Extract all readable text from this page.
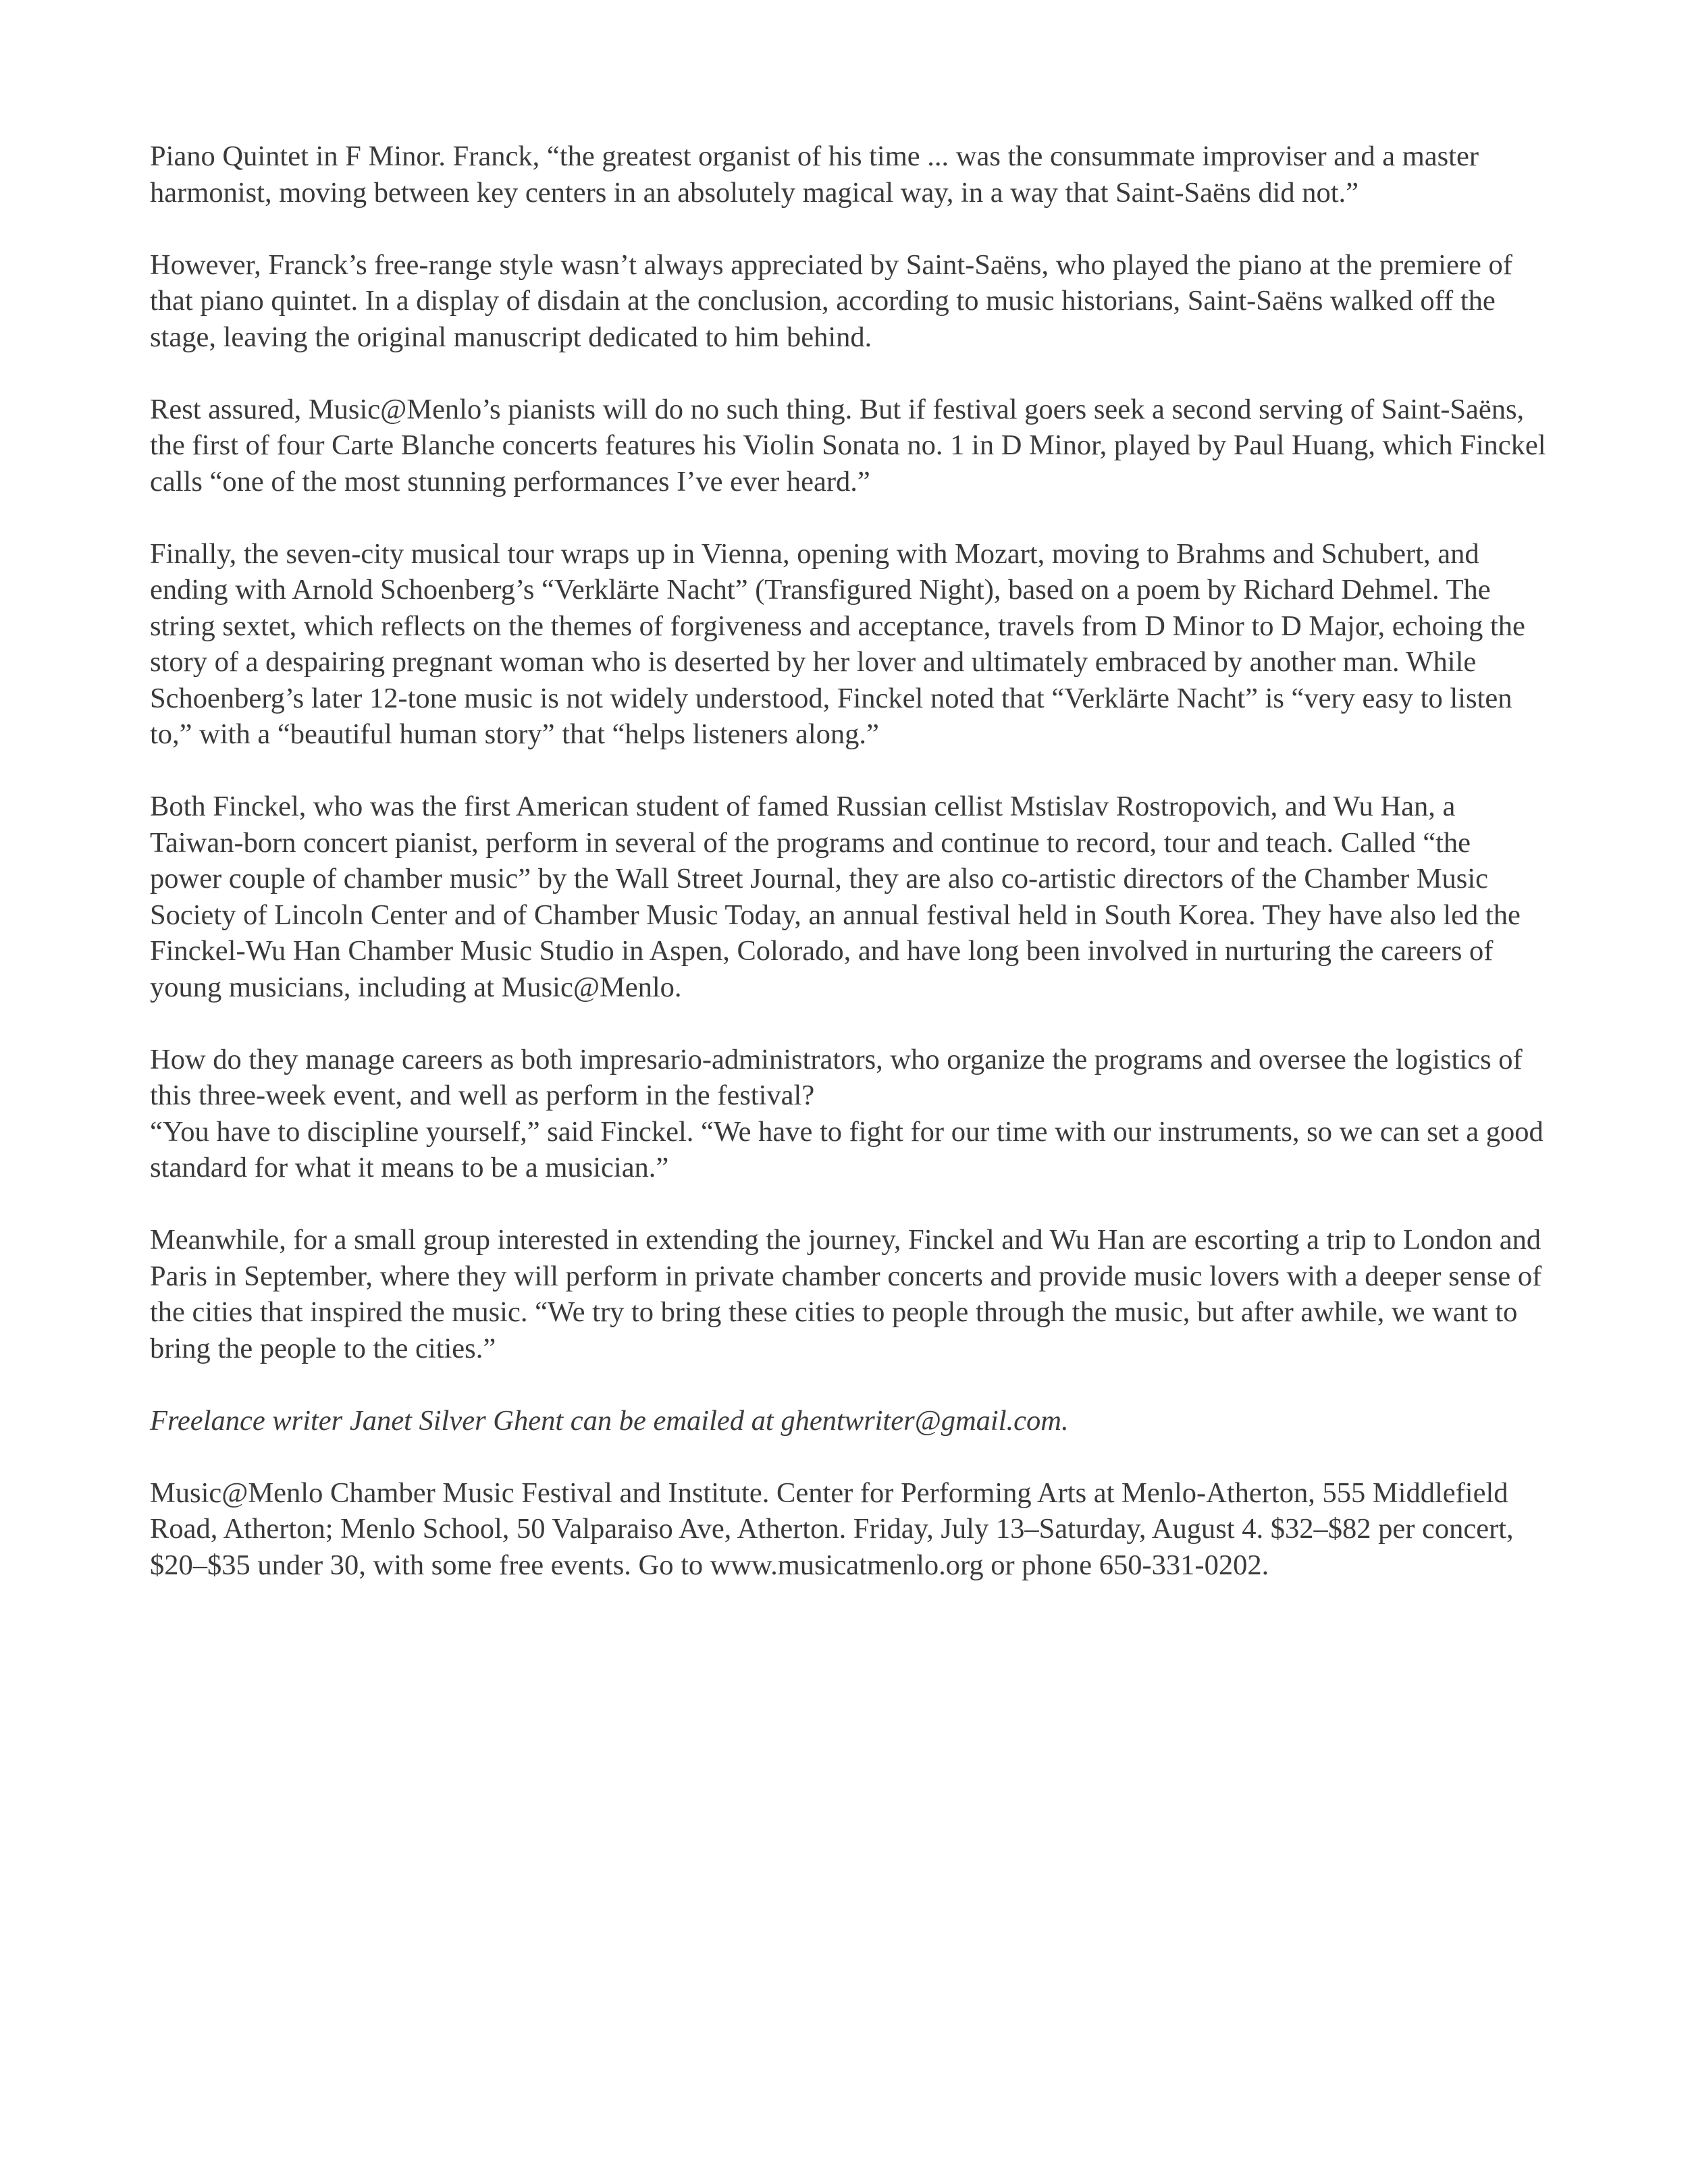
Piano Quintet in F Minor. Franck, “the greatest organist of his time ... was the consummate improviser and a master harmonist, moving between key centers in an absolutely magical way, in a way that Saint-Saëns did not.”

However, Franck’s free-range style wasn’t always appreciated by Saint-Saëns, who played the piano at the premiere of that piano quintet. In a display of disdain at the conclusion, according to music historians, Saint-Saëns walked off the stage, leaving the original manuscript dedicated to him behind.

Rest assured, Music@Menlo’s pianists will do no such thing. But if festival goers seek a second serving of Saint-Saëns, the first of four Carte Blanche concerts features his Violin Sonata no. 1 in D Minor, played by Paul Huang, which Finckel calls “one of the most stunning performances I’ve ever heard.”

Finally, the seven-city musical tour wraps up in Vienna, opening with Mozart, moving to Brahms and Schubert, and ending with Arnold Schoenberg’s “Verklärte Nacht” (Transfigured Night), based on a poem by Richard Dehmel. The string sextet, which reflects on the themes of forgiveness and acceptance, travels from D Minor to D Major, echoing the story of a despairing pregnant woman who is deserted by her lover and ultimately embraced by another man. While Schoenberg’s later 12-tone music is not widely understood, Finckel noted that “Verklärte Nacht” is “very easy to listen to,” with a “beautiful human story” that “helps listeners along.”

Both Finckel, who was the first American student of famed Russian cellist Mstislav Rostropovich, and Wu Han, a Taiwan-born concert pianist, perform in several of the programs and continue to record, tour and teach. Called “the power couple of chamber music” by the Wall Street Journal, they are also co-artistic directors of the Chamber Music Society of Lincoln Center and of Chamber Music Today, an annual festival held in South Korea. They have also led the Finckel-Wu Han Chamber Music Studio in Aspen, Colorado, and have long been involved in nurturing the careers of young musicians, including at Music@Menlo.

How do they manage careers as both impresario-administrators, who organize the programs and oversee the logistics of this three-week event, and well as perform in the festival?

“You have to discipline yourself,” said Finckel. “We have to fight for our time with our instruments, so we can set a good standard for what it means to be a musician.”

Meanwhile, for a small group interested in extending the journey, Finckel and Wu Han are escorting a trip to London and Paris in September, where they will perform in private chamber concerts and provide music lovers with a deeper sense of the cities that inspired the music. “We try to bring these cities to people through the music, but after awhile, we want to bring the people to the cities.”

Freelance writer Janet Silver Ghent can be emailed at ghentwriter@gmail.com.

Music@Menlo Chamber Music Festival and Institute. Center for Performing Arts at Menlo-Atherton, 555 Middlefield Road, Atherton; Menlo School, 50 Valparaiso Ave, Atherton. Friday, July 13–Saturday, August 4. $32–$82 per concert, $20–$35 under 30, with some free events. Go to www.musicatmenlo.org or phone 650-331-0202.
